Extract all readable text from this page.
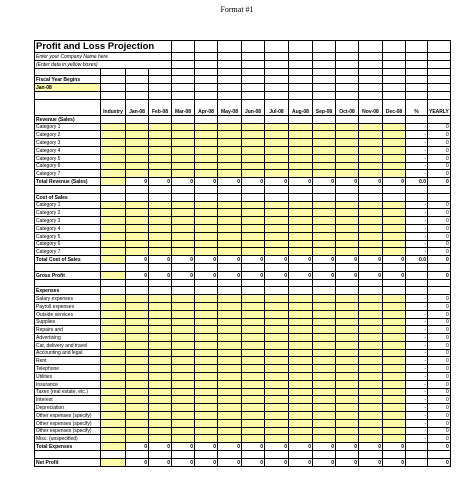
Format #1
Profit and Loss Projection															
Enter your Company Name here															
(Enter data in yellow boxes)															

Fiscal Year Begins															
Jan-08															

	Industry	Jan-08	Feb-08	Mar-08	Apr-08	May-08	Jun-08	Jul-08	Aug-08	Sep-08	Oct-08	Nov-08	Dec-08	%	YEARLY
Revenue (Sales)															
Category 1														-	0
Category 2														-	0
Category 3														-	0
Category 4														-	0
Category 5														-	0
Category 6														-	0
Category 7														-	0
Total Revenue (Sales)		0	0	0	0	0	0	0	0	0	0	0	0	0.0	0

Cost of Sales															
Category 1														-	0
Category 2														-	0
Category 3														-	0
Category 4														-	0
Category 5														-	0
Category 6														-	0
Category 7														-	0
Total Cost of Sales		0	0	0	0	0	0	0	0	0	0	0	0	0.0	0

Gross Profit		0	0	0	0	0	0	0	0	0	0	0	0		0

Expenses															
Salary expenses														-	0
Payroll expenses														-	0
Outside services														-	0
Supplies														-	0
Repairs and														-	0
Advertising														-	0
Car, delivery and travel														-	0
Accounting and legal														-	0
Rent														-	0
Telephone														-	0
Utilities														-	0
Insurance														-	0
Taxes (real estate, etc.)														-	0
Interest														-	0
Depreciation														-	0
Other expenses (specify)														-	0
Other expenses (specify)														-	0
Other expenses (specify)														-	0
Misc. (unspecified)														-	0
Total Expenses		0	0	0	0	0	0	0	0	0	0	0	0		0

Net Profit		0	0	0	0	0	0	0	0	0	0	0	0		0
